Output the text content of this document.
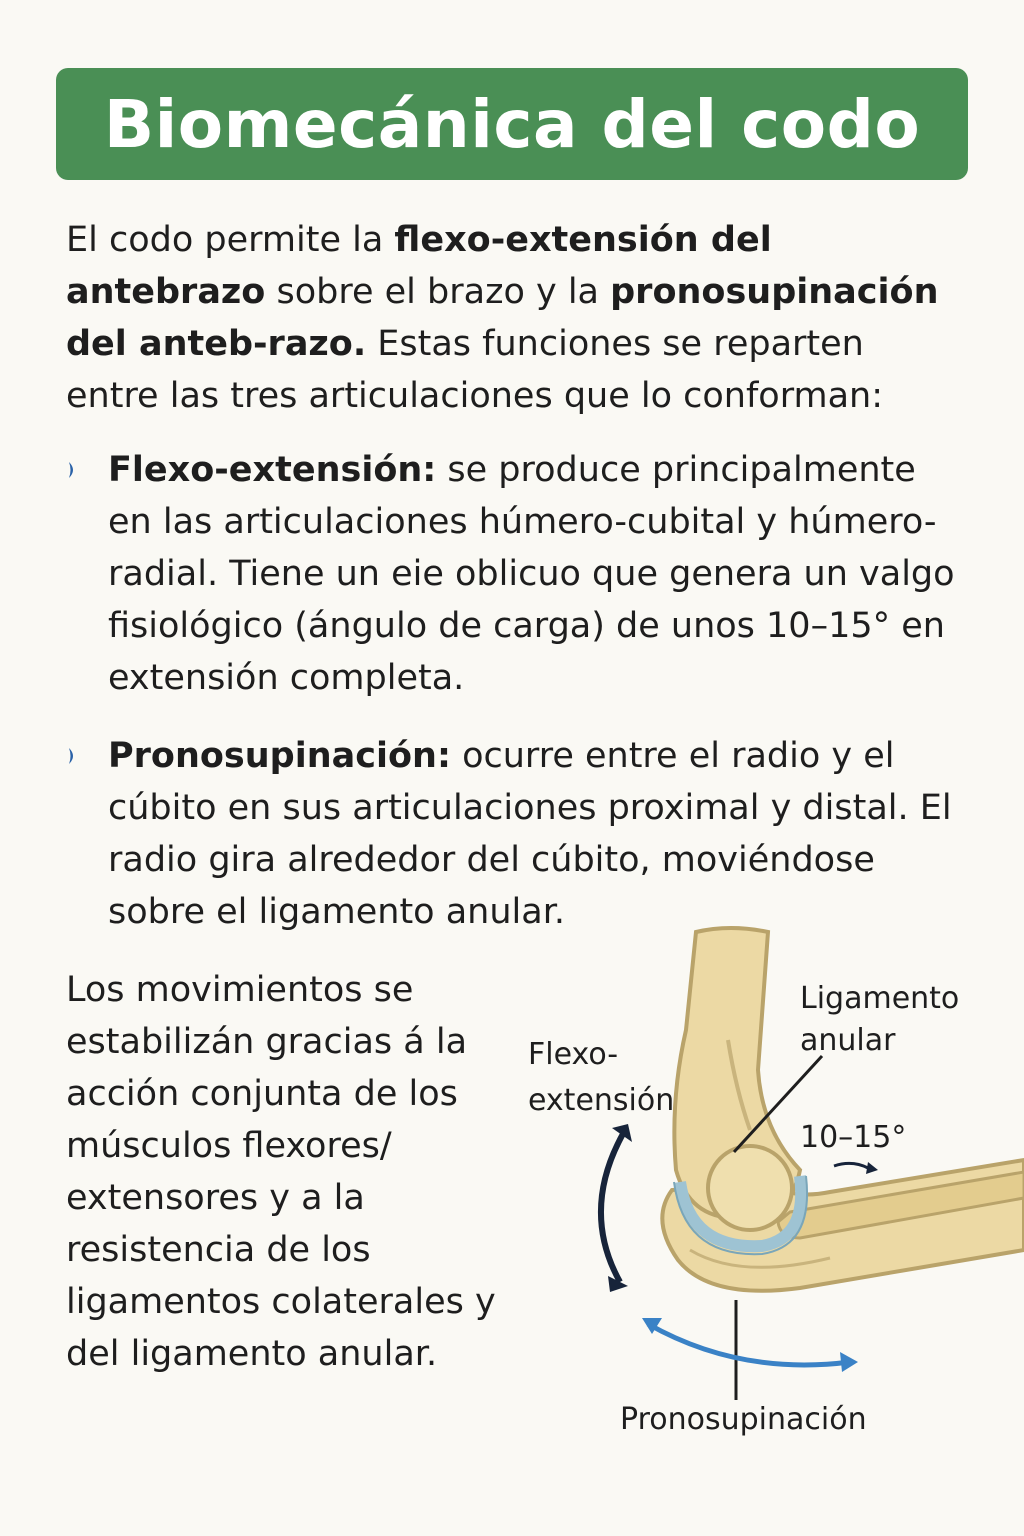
Biomecánica del codo

El codo permite la flexo-extensión del antebrazo sobre el brazo y la pronosupinación del anteb-razo. Estas funciones se reparten entre las tres articulaciones que lo conforman:

Flexo-extensión: se produce principalmente en las articulaciones húmero-cubital y húmero-radial. Tiene un eie oblicuo que genera un valgo fisiológico (ángulo de carga) de unos 10–15° en extensión completa.
Pronosupinación: ocurre entre el radio y el cúbito en sus articulaciones proximal y distal. El radio gira alrededor del cúbito, moviéndose sobre el ligamento anular.

Los movimientos se estabilizán gracias á la acción conjunta de los músculos flexores/ extensores y a la resistencia de los ligamentos colaterales y del ligamento anular.

Flexo-extensión
Ligamento anular
10–15°
Pronosupinación
